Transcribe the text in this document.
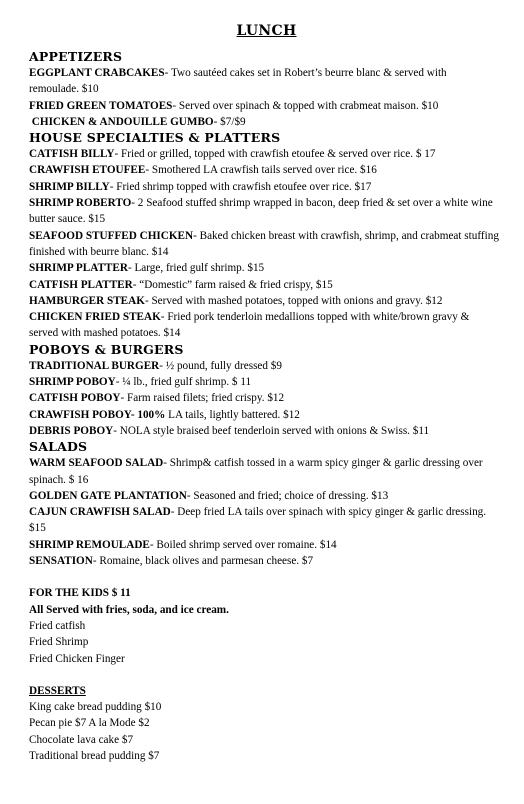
LUNCH
APPETIZERS

EGGPLANT CRABCAKES- Two sautéed cakes set in Robert’s beurre blanc & served with remoulade. $10

FRIED GREEN TOMATOES- Served over spinach & topped with crabmeat maison. $10

CHICKEN & ANDOUILLE GUMBO- $7/$9

HOUSE SPECIALTIES & PLATTERS

CATFISH BILLY- Fried or grilled, topped with crawfish etoufee & served over rice. $ 17

CRAWFISH ETOUFEE- Smothered LA crawfish tails served over rice. $16

SHRIMP BILLY- Fried shrimp topped with crawfish etoufee over rice. $17

SHRIMP ROBERTO- 2 Seafood stuffed shrimp wrapped in bacon, deep fried & set over a white wine butter sauce. $15

SEAFOOD STUFFED CHICKEN- Baked chicken breast with crawfish, shrimp, and crabmeat stuffing finished with beurre blanc. $14

SHRIMP PLATTER- Large, fried gulf shrimp. $15

CATFISH PLATTER- “Domestic” farm raised & fried crispy, $15

HAMBURGER STEAK- Served with mashed potatoes, topped with onions and gravy. $12

CHICKEN FRIED STEAK- Fried pork tenderloin medallions topped with white/brown gravy & served with mashed potatoes. $14

POBOYS & BURGERS

TRADITIONAL BURGER- ½ pound, fully dressed $9

SHRIMP POBOY- ¼ lb., fried gulf shrimp. $ 11

CATFISH POBOY- Farm raised filets; fried crispy. $12

CRAWFISH POBOY- 100% LA tails, lightly battered. $12

DEBRIS POBOY- NOLA style braised beef tenderloin served with onions & Swiss. $11

SALADS

WARM SEAFOOD SALAD- Shrimp& catfish tossed in a warm spicy ginger & garlic dressing over spinach. $ 16

GOLDEN GATE PLANTATION- Seasoned and fried; choice of dressing. $13

CAJUN CRAWFISH SALAD- Deep fried LA tails over spinach with spicy ginger & garlic dressing. $15

SHRIMP REMOULADE- Boiled shrimp served over romaine. $14

SENSATION- Romaine, black olives and parmesan cheese. $7

FOR THE KIDS $ 11

All Served with fries, soda, and ice cream.

Fried catfish

Fried Shrimp

Fried Chicken Finger

DESSERTS

King cake bread pudding $10

Pecan pie $7 A la Mode $2

Chocolate lava cake $7

Traditional bread pudding $7
